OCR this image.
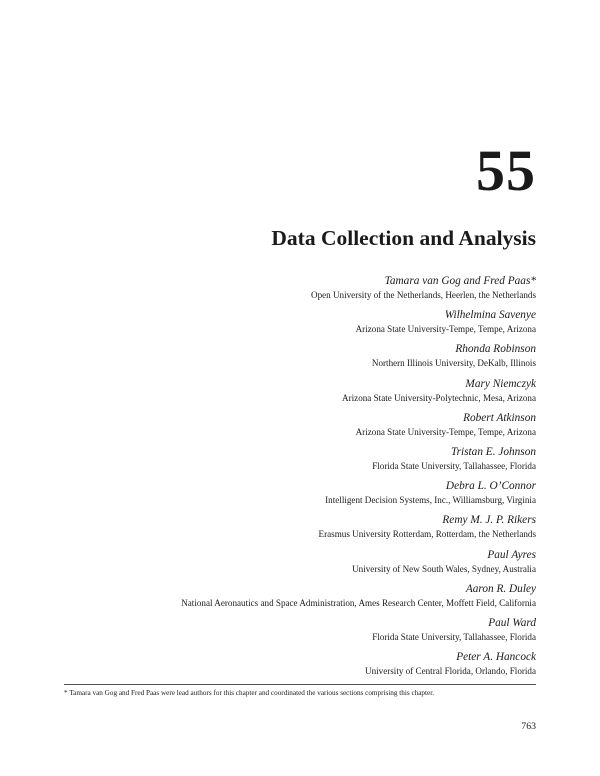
55
Data Collection and Analysis
Tamara van Gog and Fred Paas*
Open University of the Netherlands, Heerlen, the Netherlands
Wilhelmina Savenye
Arizona State University-Tempe, Tempe, Arizona
Rhonda Robinson
Northern Illinois University, DeKalb, Illinois
Mary Niemczyk
Arizona State University-Polytechnic, Mesa, Arizona
Robert Atkinson
Arizona State University-Tempe, Tempe, Arizona
Tristan E. Johnson
Florida State University, Tallahassee, Florida
Debra L. O’Connor
Intelligent Decision Systems, Inc., Williamsburg, Virginia
Remy M. J. P. Rikers
Erasmus University Rotterdam, Rotterdam, the Netherlands
Paul Ayres
University of New South Wales, Sydney, Australia
Aaron R. Duley
National Aeronautics and Space Administration, Ames Research Center, Moffett Field, California
Paul Ward
Florida State University, Tallahassee, Florida
Peter A. Hancock
University of Central Florida, Orlando, Florida
* Tamara van Gog and Fred Paas were lead authors for this chapter and coordinated the various sections comprising this chapter.
763
